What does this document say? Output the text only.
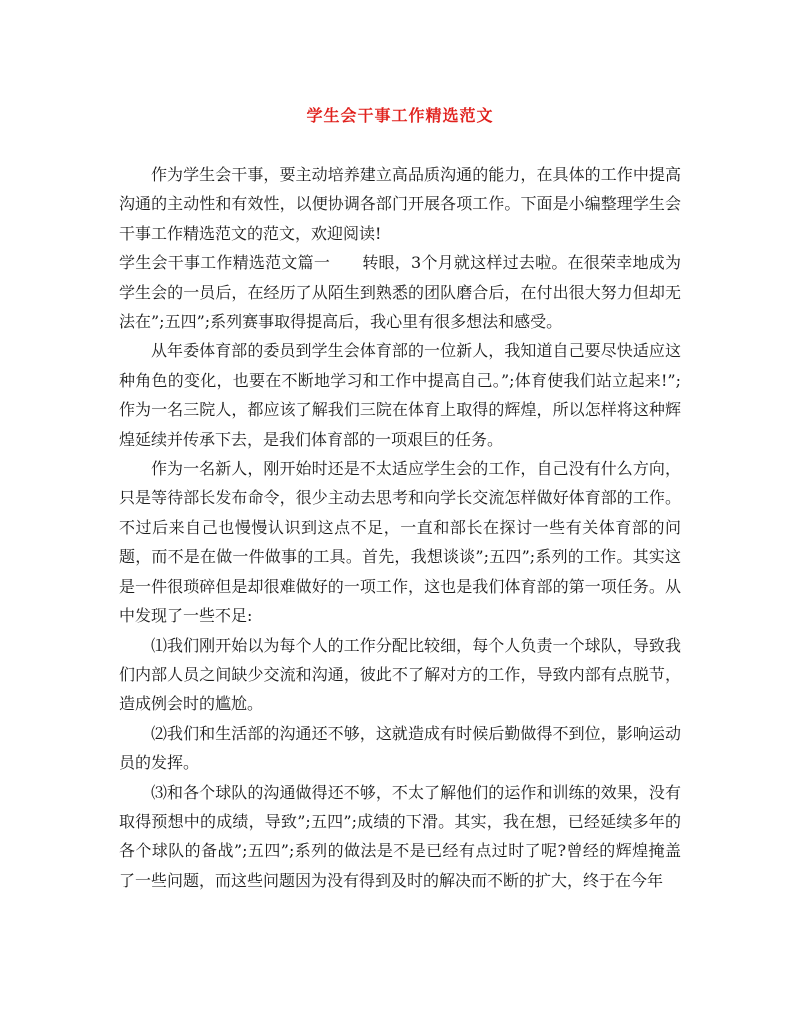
学生会干事工作精选范文

作为学生会干事，要主动培养建立高品质沟通的能力，在具体的工作中提高沟通的主动性和有效性，以便协调各部门开展各项工作。下面是小编整理学生会干事工作精选范文的范文，欢迎阅读!

学生会干事工作精选范文篇一 转眼，3个月就这样过去啦。在很荣幸地成为学生会的一员后，在经历了从陌生到熟悉的团队磨合后，在付出很大努力但却无法在”;五四”;系列赛事取得提高后，我心里有很多想法和感受。

从年委体育部的委员到学生会体育部的一位新人，我知道自己要尽快适应这种角色的变化，也要在不断地学习和工作中提高自己。”;体育使我们站立起来!”;作为一名三院人，都应该了解我们三院在体育上取得的辉煌，所以怎样将这种辉煌延续并传承下去，是我们体育部的一项艰巨的任务。

作为一名新人，刚开始时还是不太适应学生会的工作，自己没有什么方向，只是等待部长发布命令，很少主动去思考和向学长交流怎样做好体育部的工作。不过后来自己也慢慢认识到这点不足，一直和部长在探讨一些有关体育部的问题，而不是在做一件做事的工具。首先，我想谈谈”;五四”;系列的工作。其实这是一件很琐碎但是却很难做好的一项工作，这也是我们体育部的第一项任务。从中发现了一些不足:

⑴我们刚开始以为每个人的工作分配比较细，每个人负责一个球队，导致我们内部人员之间缺少交流和沟通，彼此不了解对方的工作，导致内部有点脱节，造成例会时的尴尬。

⑵我们和生活部的沟通还不够，这就造成有时候后勤做得不到位，影响运动员的发挥。

⑶和各个球队的沟通做得还不够，不太了解他们的运作和训练的效果，没有取得预想中的成绩，导致”;五四”;成绩的下滑。其实，我在想，已经延续多年的各个球队的备战”;五四”;系列的做法是不是已经有点过时了呢?曾经的辉煌掩盖了一些问题，而这些问题因为没有得到及时的解决而不断的扩大，终于在今年
